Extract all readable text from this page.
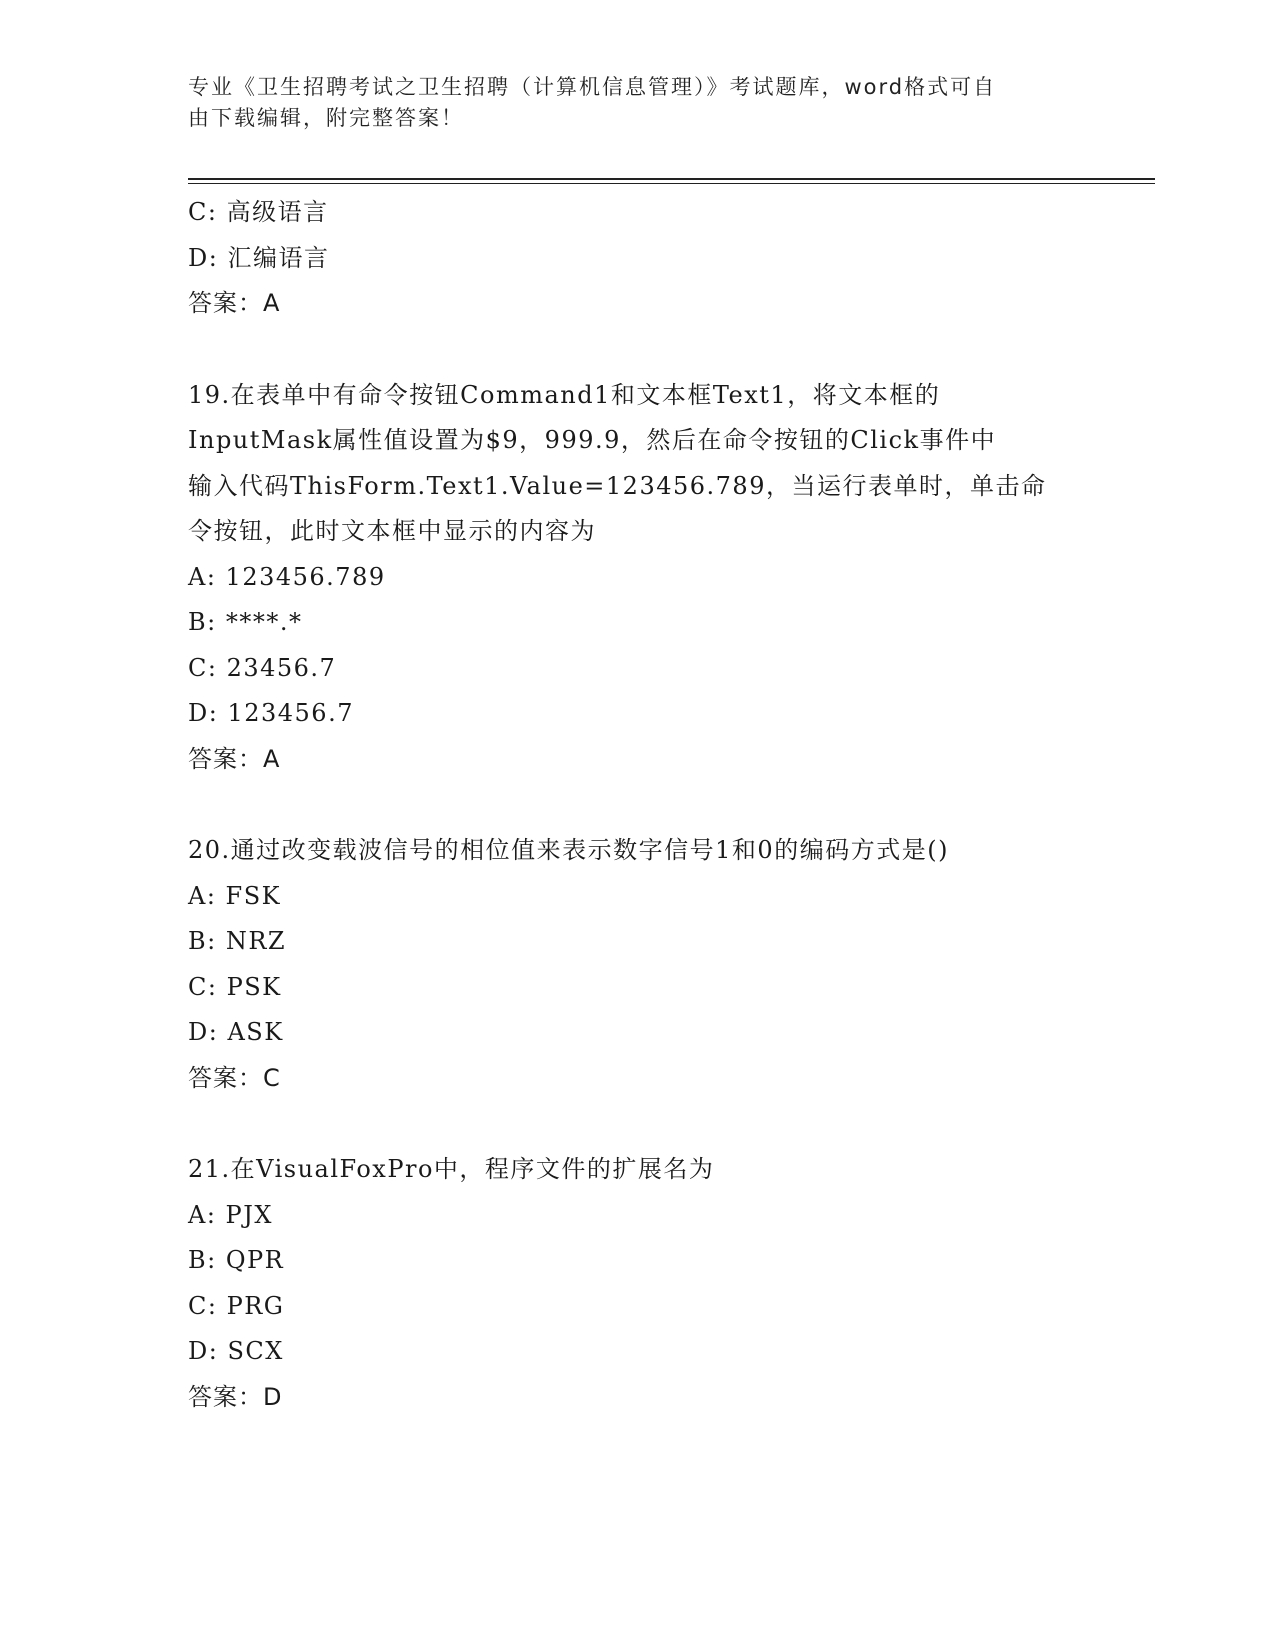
专业《卫生招聘考试之卫生招聘（计算机信息管理）》考试题库，word格式可自
由下载编辑，附完整答案！
C: 高级语言
D: 汇编语言
答案：A
19.在表单中有命令按钮Command1和文本框Text1，将文本框的
InputMask属性值设置为$9，999.9，然后在命令按钮的Click事件中
输入代码ThisForm.Text1.Value=123456.789，当运行表单时，单击命
令按钮，此时文本框中显示的内容为
A: 123456.789
B: ****.*
C: 23456.7
D: 123456.7
答案：A
20.通过改变载波信号的相位值来表示数字信号1和0的编码方式是()
A: FSK
B: NRZ
C: PSK
D: ASK
答案：C
21.在VisualFoxPro中，程序文件的扩展名为
A: PJX
B: QPR
C: PRG
D: SCX
答案：D
